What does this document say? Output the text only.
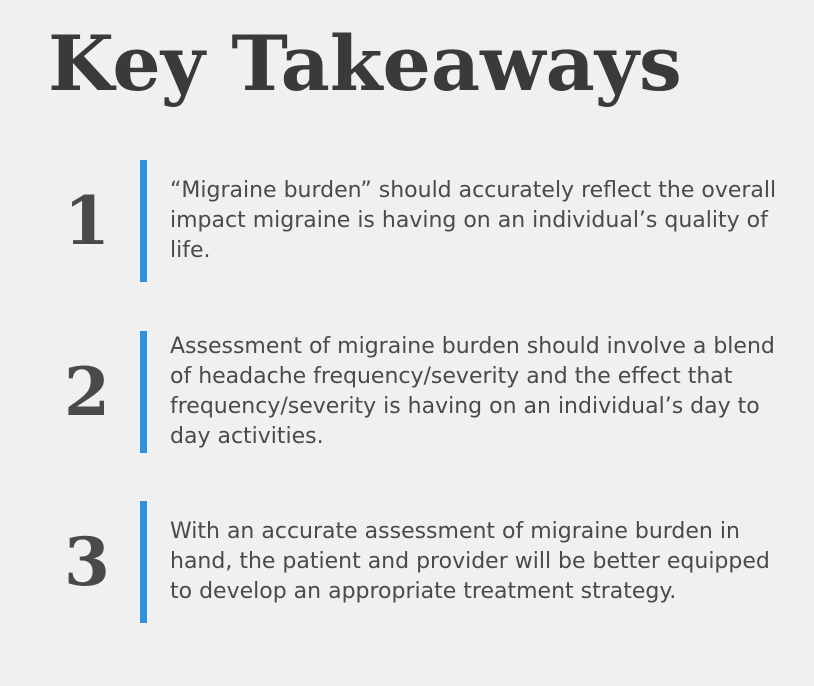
Key Takeaways
1	“Migraine burden” should accurately reflect the overall impact migraine is having on an individual’s quality of life.

2

Assessment of migraine burden should involve a blend of headache frequency/severity and the effect that frequency/severity is having on an individual’s day to day activities.

3	With an accurate assessment of migraine burden in hand, the patient and provider will be better equipped to develop an appropriate treatment strategy.
